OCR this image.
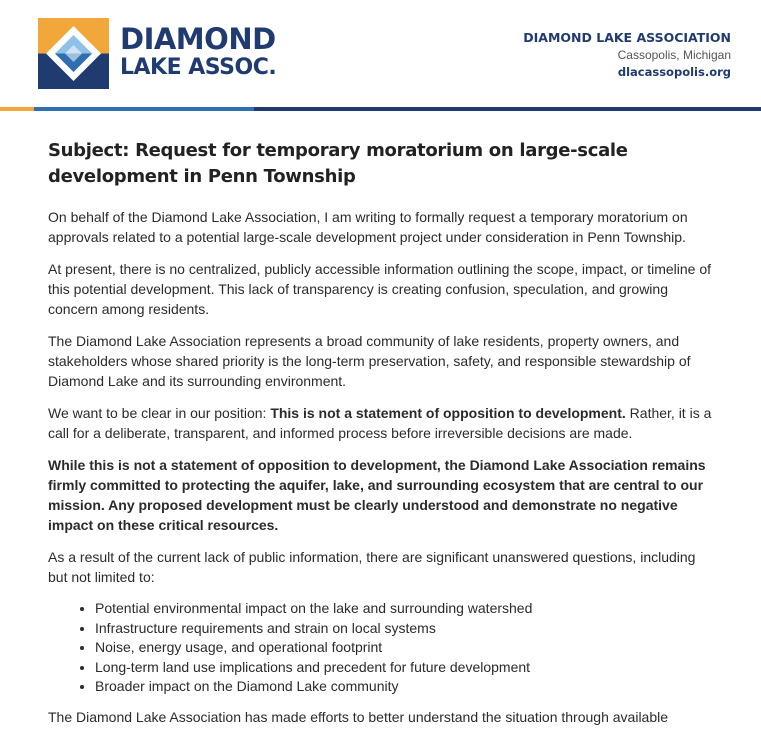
DIAMOND
LAKE ASSOC.
DIAMOND LAKE ASSOCIATION
Cassopolis, Michigan
dlacassopolis.org
Subject: Request for temporary moratorium on large-scale development in Penn Township

On behalf of the Diamond Lake Association, I am writing to formally request a temporary moratorium on approvals related to a potential large-scale development project under consideration in Penn Township.

At present, there is no centralized, publicly accessible information outlining the scope, impact, or timeline of this potential development. This lack of transparency is creating confusion, speculation, and growing concern among residents.

The Diamond Lake Association represents a broad community of lake residents, property owners, and stakeholders whose shared priority is the long-term preservation, safety, and responsible stewardship of Diamond Lake and its surrounding environment.

We want to be clear in our position: This is not a statement of opposition to development. Rather, it is a call for a deliberate, transparent, and informed process before irreversible decisions are made.

While this is not a statement of opposition to development, the Diamond Lake Association remains firmly committed to protecting the aquifer, lake, and surrounding ecosystem that are central to our mission. Any proposed development must be clearly understood and demonstrate no negative impact on these critical resources.

As a result of the current lack of public information, there are significant unanswered questions, including but not limited to:

• Potential environmental impact on the lake and surrounding watershed
• Infrastructure requirements and strain on local systems
• Noise, energy usage, and operational footprint
• Long-term land use implications and precedent for future development
• Broader impact on the Diamond Lake community

The Diamond Lake Association has made efforts to better understand the situation through available
